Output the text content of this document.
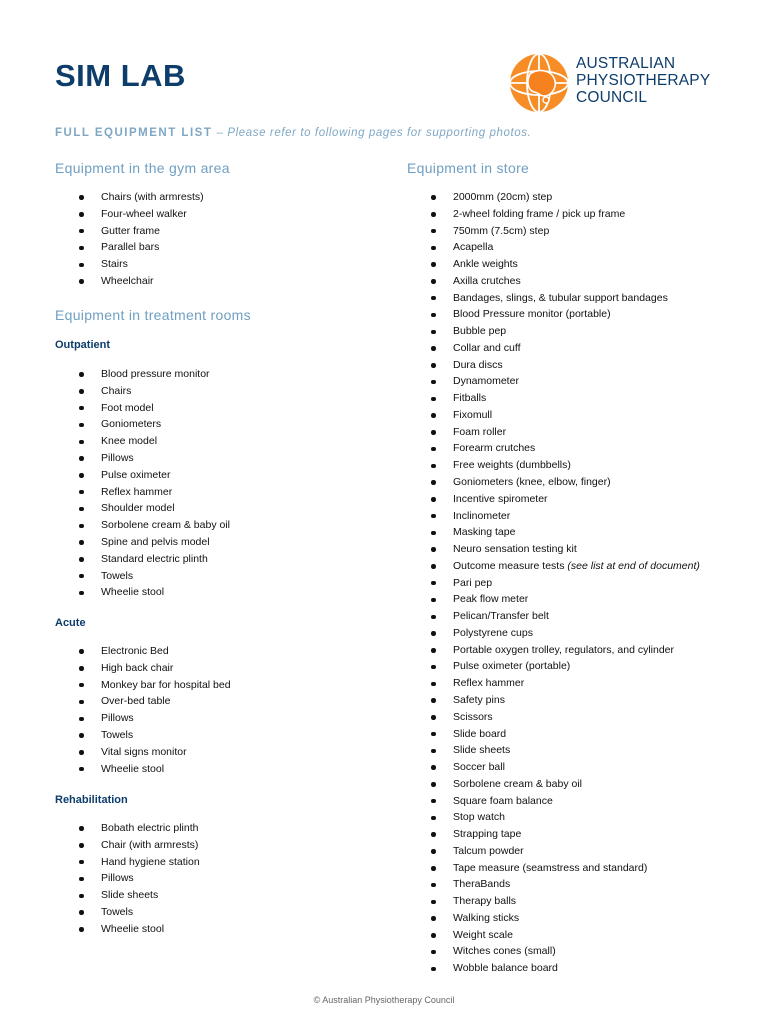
SIM LAB	AUSTRALIAN
PHYSIOTHERAPY
COUNCIL
FULL EQUIPMENT LIST – Please refer to following pages for supporting photos.
Equipment in the gym area
Chairs (with armrests)
Four-wheel walker
Gutter frame
Parallel bars
Stairs
Wheelchair
Equipment in treatment rooms
Outpatient
Blood pressure monitor
Chairs
Foot model
Goniometers
Knee model
Pillows
Pulse oximeter
Reflex hammer
Shoulder model
Sorbolene cream & baby oil
Spine and pelvis model
Standard electric plinth
Towels
Wheelie stool
Acute
Electronic Bed
High back chair
Monkey bar for hospital bed
Over-bed table
Pillows
Towels
Vital signs monitor
Wheelie stool
Rehabilitation
Bobath electric plinth
Chair (with armrests)
Hand hygiene station
Pillows
Slide sheets
Towels
Wheelie stool
Equipment in store
2000mm (20cm) step
2-wheel folding frame / pick up frame
750mm (7.5cm) step
Acapella
Ankle weights
Axilla crutches
Bandages, slings, & tubular support bandages
Blood Pressure monitor (portable)
Bubble pep
Collar and cuff
Dura discs
Dynamometer
Fitballs
Fixomull
Foam roller
Forearm crutches
Free weights (dumbbells)
Goniometers (knee, elbow, finger)
Incentive spirometer
Inclinometer
Masking tape
Neuro sensation testing kit
Outcome measure tests (see list at end of document)
Pari pep
Peak flow meter
Pelican/Transfer belt
Polystyrene cups
Portable oxygen trolley, regulators, and cylinder
Pulse oximeter (portable)
Reflex hammer
Safety pins
Scissors
Slide board
Slide sheets
Soccer ball
Sorbolene cream & baby oil
Square foam balance
Stop watch
Strapping tape
Talcum powder
Tape measure (seamstress and standard)
TheraBands
Therapy balls
Walking sticks
Weight scale
Witches cones (small)
Wobble balance board
© Australian Physiotherapy Council
